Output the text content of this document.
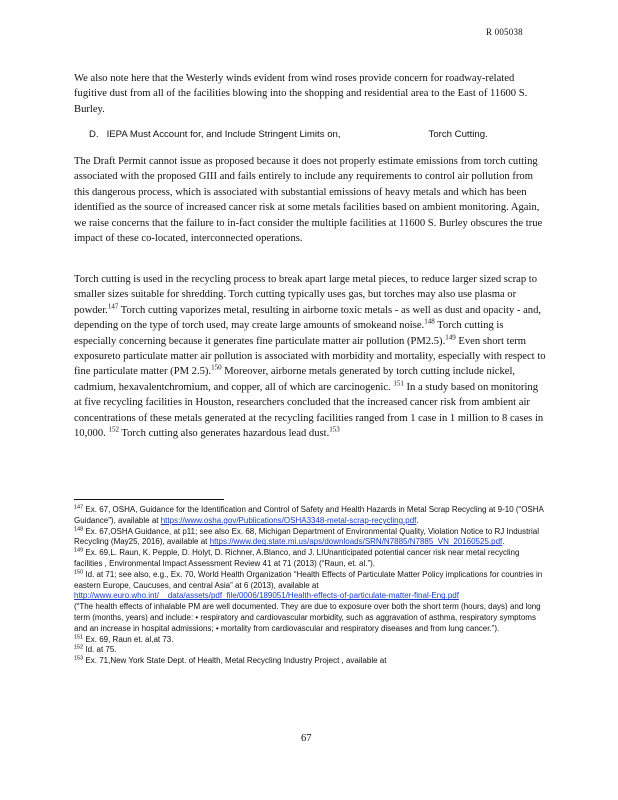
R 005038

We also note here that the Westerly winds evident from wind roses provide concern for roadway-related fugitive dust from all of the facilities blowing into the shopping and residential area to the East of 11600 S. Burley.

D. IEPA Must Account for, and Include Stringent Limits on,	Torch Cutting.

The Draft Permit cannot issue as proposed because it does not properly estimate emissions from torch cutting associated with the proposed GIII and fails entirely to include any requirements to control air pollution from this dangerous process, which is associated with substantial emissions of heavy metals and which has been identified as the source of increased cancer risk at some metals facilities based on ambient monitoring. Again, we raise concerns that the failure to in-fact consider the multiple facilities at 11600 S. Burley obscures the true impact of these co-located, interconnected operations.

Torch cutting is used in the recycling process to break apart large metal pieces, to reduce larger sized scrap to smaller sizes suitable for shredding. Torch cutting typically uses gas, but torches may also use plasma or powder.$^{147}$ Torch cutting vaporizes metal, resulting in airborne toxic metals - as well as dust and opacity - and, depending on the type of torch used, may create large amounts of smokeand noise.$^{148}$ Torch cutting is especially concerning because it generates fine particulate matter air pollution (PM2.5).$^{149}$ Even short term exposureto particulate matter air pollution is associated with morbidity and mortality, especially with respect to fine particulate matter (PM 2.5).$^{150}$ Moreover, airborne metals generated by torch cutting include nickel, cadmium, hexavalentchromium, and copper, all of which are carcinogenic. $^{151}$ In a study based on monitoring at five recycling facilities in Houston, researchers concluded that the increased cancer risk from ambient air concentrations of these metals generated at the recycling facilities ranged from 1 case in 1 million to 8 cases in 10,000. $^{152}$ Torch cutting also generates hazardous lead dust.$^{153}$

$^{147}$ Ex. 67, OSHA, Guidance for the Identification and Control of Safety and Health Hazards in Metal Scrap Recycling at 9-10 (“OSHA Guidance”), available at https://www.osha.gov/Publications/OSHA3348-metal-scrap-recycling.pdf.

$^{148}$ Ex. 67,OSHA Guidance, at p11; see also Ex. 68, Michigan Department of Environmental Quality, Violation Notice to RJ Industrial Recycling (May25, 2016), available at https://www.deq.state.mi.us/aps/downloads/SRN/N7885/N7885_VN_20160525.pdf.

$^{149}$ Ex. 69,L. Raun, K. Pepple, D. Holyt, D. Richner, A.Blanco, and J. LIUnanticipated potential cancer risk near metal recycling facilities , Environmental Impact Assessment Review 41 at 71 (2013) (“Raun, et. al.”).

$^{150}$ Id. at 71; see also, e.g., Ex. 70, World Health Organization “Health Effects of Particulate Matter Policy implications for countries in eastern Europe, Caucuses, and central Asia” at 6 (2013), available at http://www.euro.who.int/__data/assets/pdf_file/0006/189051/Health-effects-of-particulate-matter-final-Eng.pdf

(“The health effects of inhalable PM are well documented. They are due to exposure over both the short term (hours, days) and long term (months, years) and include: • respiratory and cardiovascular morbidity, such as aggravation of asthma, respiratory symptoms and an increase in hospital admissions; • mortality from cardiovascular and respiratory diseases and from lung cancer.”).

$^{151}$ Ex. 69, Raun et. al,at 73.

$^{152}$ Id. at 75.

$^{153}$ Ex. 71,New York State Dept. of Health, Metal Recycling Industry Project , available at

67
